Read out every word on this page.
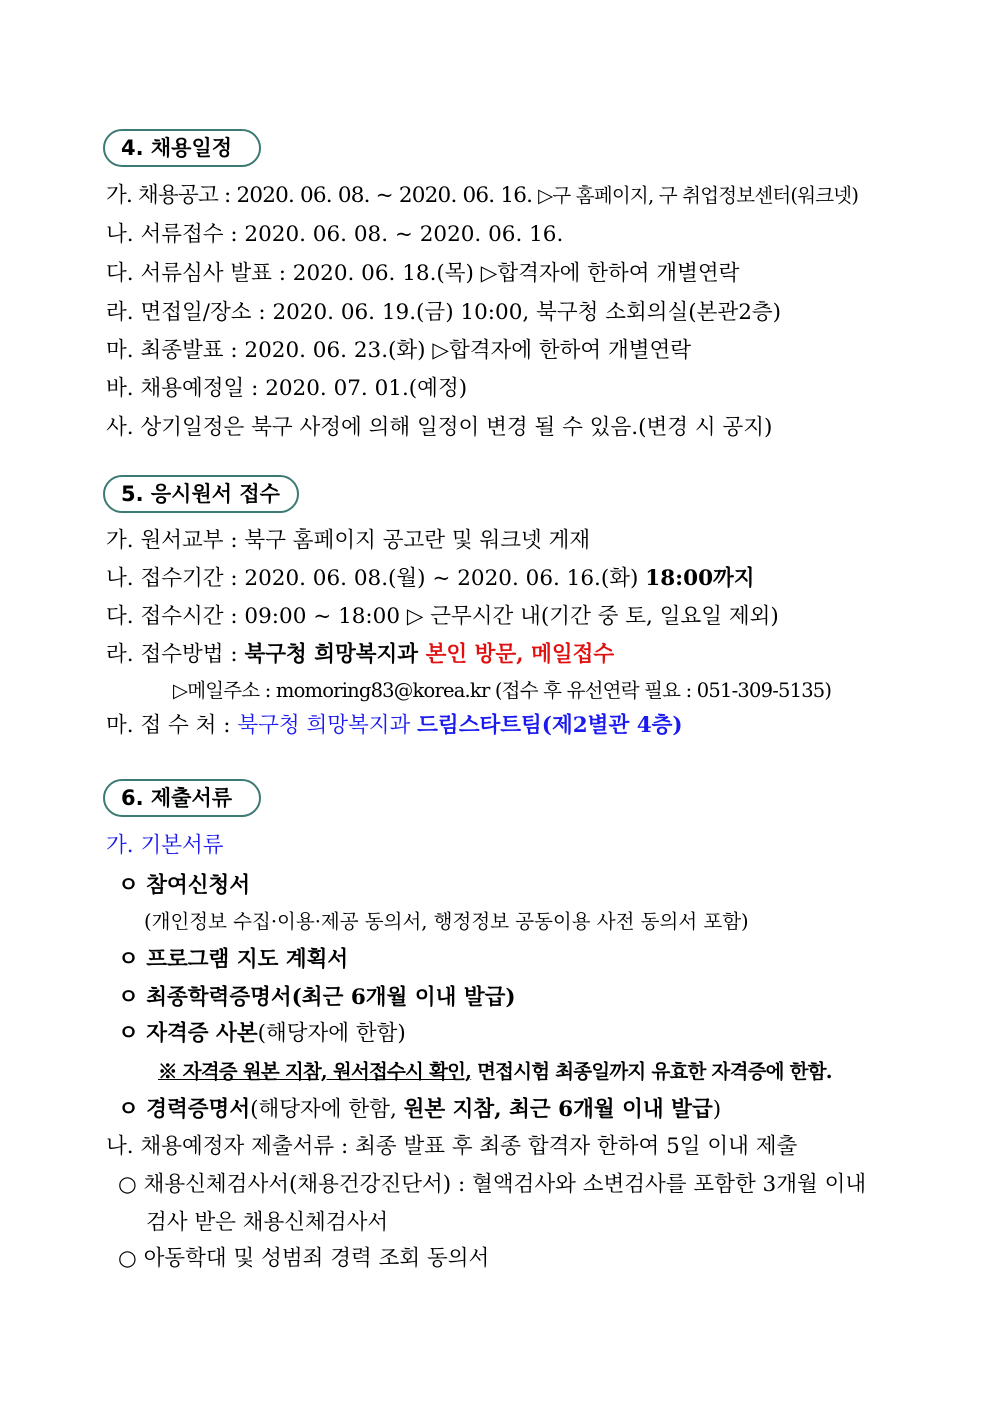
4. 채용일정
가. 채용공고 : 2020. 06. 08. ~ 2020. 06. 16. ▷구 홈페이지, 구 취업정보센터(워크넷)
나. 서류접수 : 2020. 06. 08. ~ 2020. 06. 16.
다. 서류심사 발표 : 2020. 06. 18.(목) ▷합격자에 한하여 개별연락
라. 면접일/장소 : 2020. 06. 19.(금) 10:00, 북구청 소회의실(본관2층)
마. 최종발표 : 2020. 06. 23.(화) ▷합격자에 한하여 개별연락
바. 채용예정일 : 2020. 07. 01.(예정)
사. 상기일정은 북구 사정에 의해 일정이 변경 될 수 있음.(변경 시 공지)
5. 응시원서 접수
가. 원서교부 : 북구 홈페이지 공고란 및 워크넷 게재
나. 접수기간 : 2020. 06. 08.(월) ~ 2020. 06. 16.(화) 18:00까지
다. 접수시간 : 09:00 ~ 18:00 ▷ 근무시간 내(기간 중 토, 일요일 제외)
라. 접수방법 : 북구청 희망복지과 본인 방문, 메일접수
▷메일주소 : momoring83@korea.kr (접수 후 유선연락 필요 : 051-309-5135)
마. 접 수 처 : 북구청 희망복지과 드림스타트팀(제2별관 4층)
6. 제출서류
가. 기본서류
ㅇ 참여신청서
(개인정보 수집·이용·제공 동의서, 행정정보 공동이용 사전 동의서 포함)
ㅇ 프로그램 지도 계획서
ㅇ 최종학력증명서(최근 6개월 이내 발급)
ㅇ 자격증 사본(해당자에 한함)
※ 자격증 원본 지참, 원서접수시 확인, 면접시험 최종일까지 유효한 자격증에 한함.
ㅇ 경력증명서(해당자에 한함, 원본 지참, 최근 6개월 이내 발급)
나. 채용예정자 제출서류 : 최종 발표 후 최종 합격자 한하여 5일 이내 제출
○ 채용신체검사서(채용건강진단서) : 혈액검사와 소변검사를 포함한 3개월 이내
검사 받은 채용신체검사서
○ 아동학대 및 성범죄 경력 조회 동의서
